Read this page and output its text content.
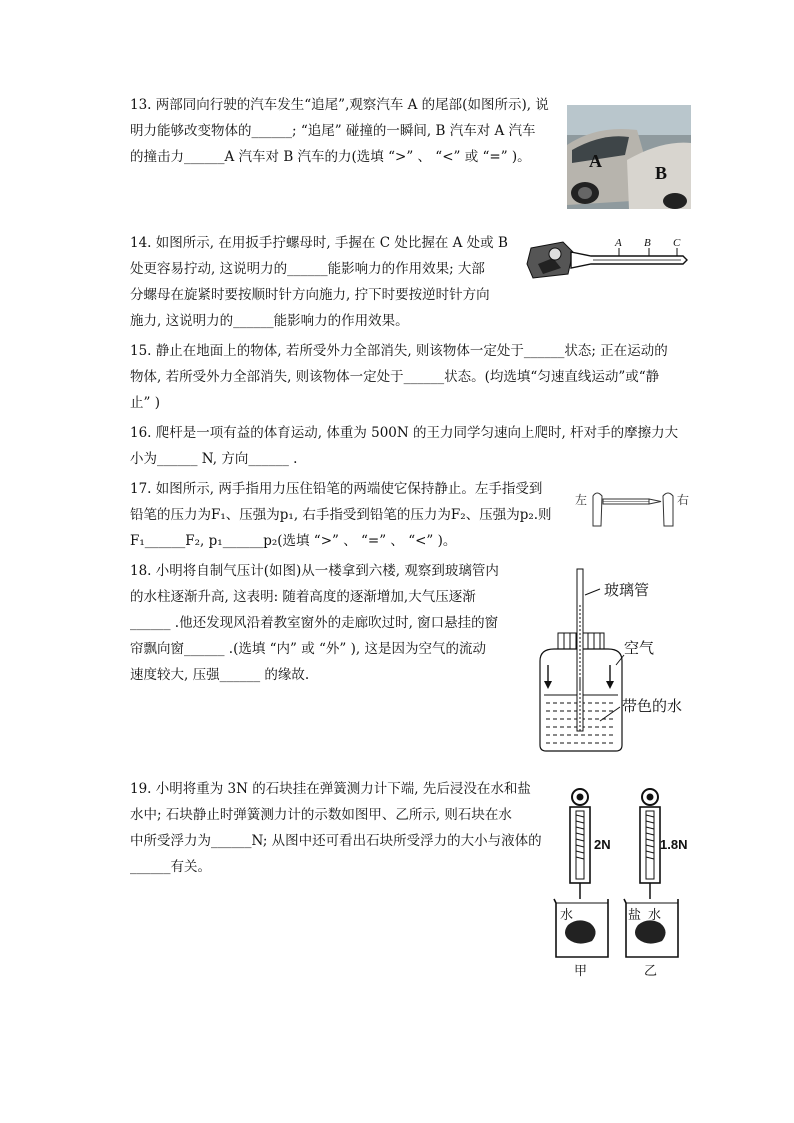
13. 两部同向行驶的汽车发生“追尾”,观察汽车 A 的尾部(如图所示), 说

明力能够改变物体的______; “追尾” 碰撞的一瞬间, B 汽车对 A 汽车

的撞击力______A 汽车对 B 汽车的力(选填 “>” 、 “<” 或 “=” )。	A
B

14. 如图所示, 在用扳手拧螺母时, 手握在 C 处比握在 A 处或 B

处更容易拧动, 这说明力的______能影响力的作用效果; 大部

分螺母在旋紧时要按顺时针方向施力, 拧下时要按逆时针方向

施力, 这说明力的______能影响力的作用效果。

A B C

15. 静止在地面上的物体, 若所受外力全部消失, 则该物体一定处于______状态; 正在运动的

物体, 若所受外力全部消失, 则该物体一定处于______状态。(均选填“匀速直线运动”或“静

止” )

16. 爬杆是一项有益的体育运动, 体重为 500N 的王力同学匀速向上爬时, 杆对手的摩擦力大

小为______ N, 方向______ .

17. 如图所示, 两手指用力压住铅笔的两端使它保持静止。左手指受到

铅笔的压力为F₁、压强为p₁, 右手指受到铅笔的压力为F₂、压强为p₂.则

F₁______F₂, p₁______p₂(选填 “>” 、 “=” 、 “<” )。

左	右

18. 小明将自制气压计(如图)从一楼拿到六楼, 观察到玻璃管内

的水柱逐渐升高, 这表明: 随着高度的逐渐增加,大气压逐渐

______ .他还发现风沿着教室窗外的走廊吹过时, 窗口悬挂的窗

帘飘向窗______ .(选填 “内” 或 “外” ), 这是因为空气的流动

速度较大, 压强______ 的缘故.

玻璃管
空气
带色的水

19. 小明将重为 3N 的石块挂在弹簧测力计下端, 先后浸没在水和盐

水中; 石块静止时弹簧测力计的示数如图甲、乙所示, 则石块在水

中所受浮力为______N; 从图中还可看出石块所受浮力的大小与液体的

______有关。

2N	1.8N
水	盐 水
甲	乙
